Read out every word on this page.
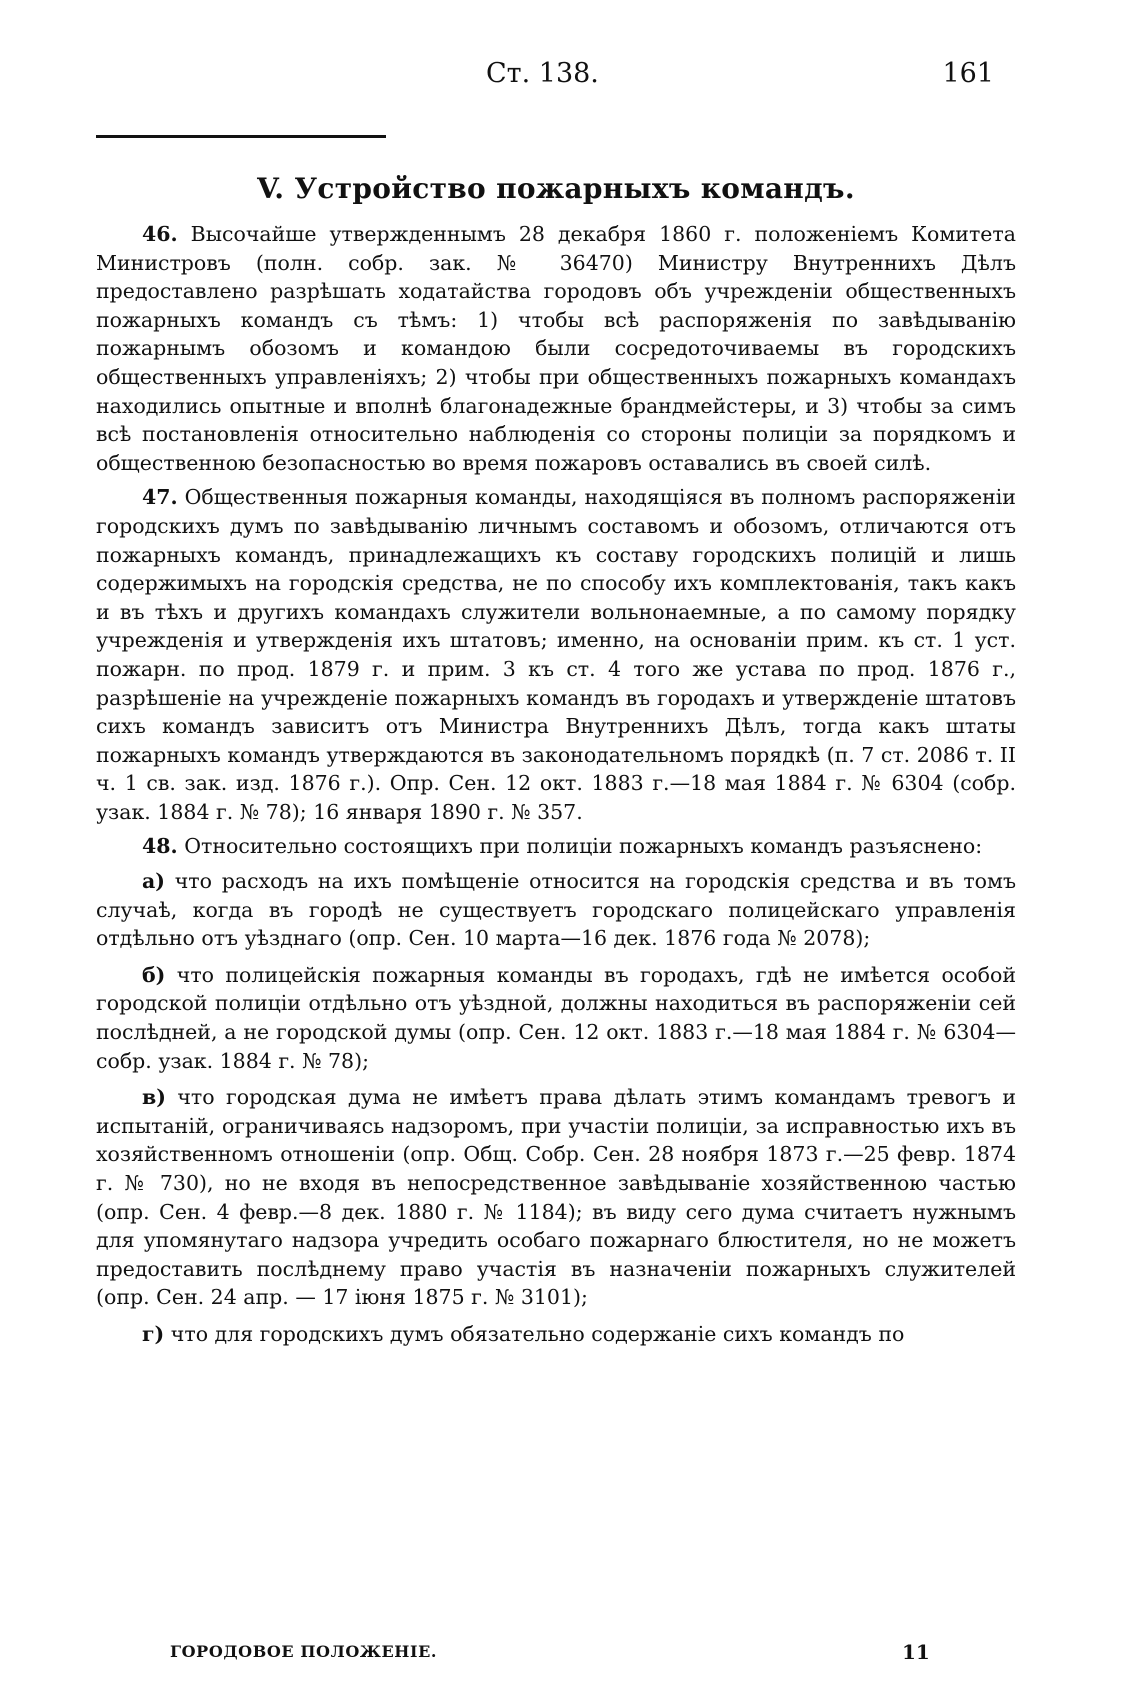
Ст. 138.	161
V. Устройство пожарныхъ командъ.

46. Высочайше утвержденнымъ 28 декабря 1860 г. положеніемъ Комитета Министровъ (полн. собр. зак. № 36470) Министру Внутреннихъ Дѣлъ предоставлено разрѣшать ходатайства городовъ объ учрежденіи общественныхъ пожарныхъ командъ съ тѣмъ: 1) чтобы всѣ распоряженія по завѣдыванію пожарнымъ обозомъ и командою были сосредоточиваемы въ городскихъ общественныхъ управленіяхъ; 2) чтобы при общественныхъ пожарныхъ командахъ находились опытные и вполнѣ благонадежные брандмейстеры, и 3) чтобы за симъ всѣ постановленія относительно наблюденія со стороны полиціи за порядкомъ и общественною безопасностью во время пожаровъ оставались въ своей силѣ.

47. Общественныя пожарныя команды, находящіяся въ полномъ распоряженіи городскихъ думъ по завѣдыванію личнымъ составомъ и обозомъ, отличаются отъ пожарныхъ командъ, принадлежащихъ къ составу городскихъ полицій и лишь содержимыхъ на городскія средства, не по способу ихъ комплектованія, такъ какъ и въ тѣхъ и другихъ командахъ служители вольнонаемные, а по самому порядку учрежденія и утвержденія ихъ штатовъ; именно, на основаніи прим. къ ст. 1 уст. пожарн. по прод. 1879 г. и прим. 3 къ ст. 4 того же устава по прод. 1876 г., разрѣшеніе на учрежденіе пожарныхъ командъ въ городахъ и утвержденіе штатовъ сихъ командъ зависитъ отъ Министра Внутреннихъ Дѣлъ, тогда какъ штаты пожарныхъ командъ утверждаются въ законодательномъ порядкѣ (п. 7 ст. 2086 т. II ч. 1 св. зак. изд. 1876 г.). Опр. Сен. 12 окт. 1883 г.—18 мая 1884 г. № 6304 (собр. узак. 1884 г. № 78); 16 января 1890 г. № 357.

48. Относительно состоящихъ при полиціи пожарныхъ командъ разъяснено:

а) что расходъ на ихъ помѣщеніе относится на городскія средства и въ томъ случаѣ, когда въ городѣ не существуетъ городскаго полицейскаго управленія отдѣльно отъ уѣзднаго (опр. Сен. 10 марта—16 дек. 1876 года № 2078);

б) что полицейскія пожарныя команды въ городахъ, гдѣ не имѣется особой городской полиціи отдѣльно отъ уѣздной, должны находиться въ распоряженіи сей послѣдней, а не городской думы (опр. Сен. 12 окт. 1883 г.—18 мая 1884 г. № 6304—собр. узак. 1884 г. № 78);

в) что городская дума не имѣетъ права дѣлать этимъ командамъ тревогъ и испытаній, ограничиваясь надзоромъ, при участіи полиціи, за исправностью ихъ въ хозяйственномъ отношеніи (опр. Общ. Собр. Сен. 28 ноября 1873 г.—25 февр. 1874 г. № 730), но не входя въ непосредственное завѣдываніе хозяйственною частью (опр. Сен. 4 февр.—8 дек. 1880 г. № 1184); въ виду сего дума считаетъ нужнымъ для упомянутаго надзора учредить особаго пожарнаго блюстителя, но не можетъ предоставить послѣднему право участія въ назначеніи пожарныхъ служителей (опр. Сен. 24 апр. — 17 іюня 1875 г. № 3101);

г) что для городскихъ думъ обязательно содержаніе сихъ командъ по

ГОРОДОВОЕ ПОЛОЖЕНІЕ.	11
